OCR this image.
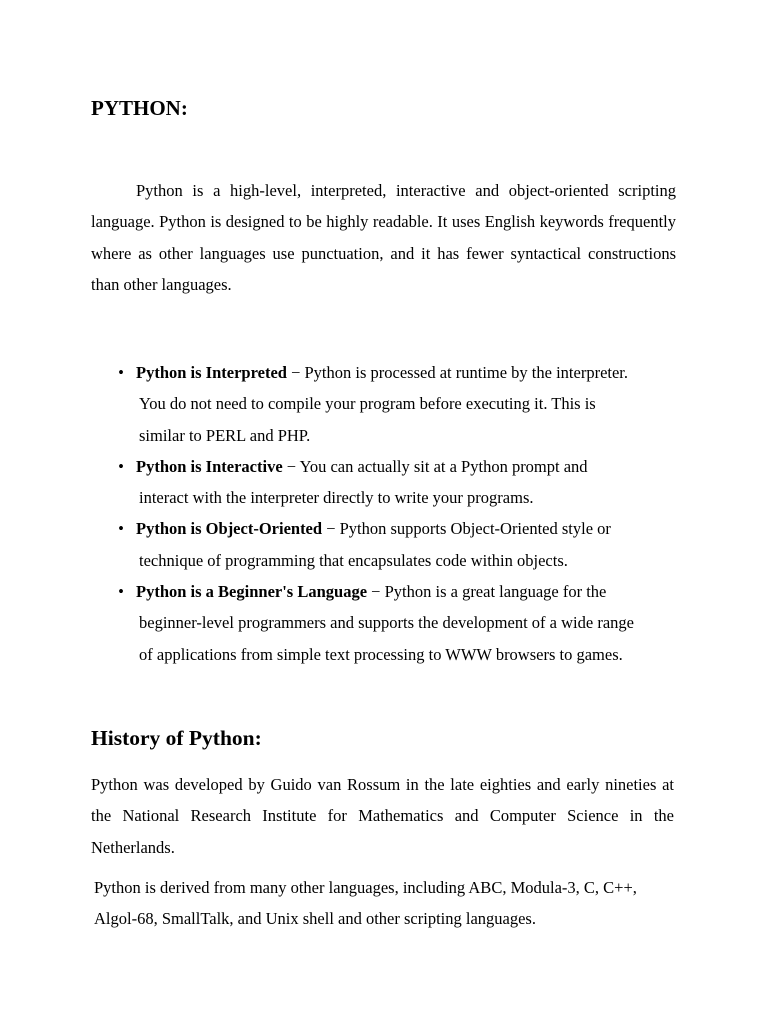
PYTHON:

Python is a high-level, interpreted, interactive and object-oriented scripting language. Python is designed to be highly readable. It uses English keywords frequently where as other languages use punctuation, and it has fewer syntactical constructions than other languages.

• Python is Interpreted − Python is processed at runtime by the interpreter.
You do not need to compile your program before executing it. This is
similar to PERL and PHP.
• Python is Interactive − You can actually sit at a Python prompt and
interact with the interpreter directly to write your programs.
• Python is Object-Oriented − Python supports Object-Oriented style or
technique of programming that encapsulates code within objects.
• Python is a Beginner's Language − Python is a great language for the
beginner-level programmers and supports the development of a wide range
of applications from simple text processing to WWW browsers to games.
History of Python:

Python was developed by Guido van Rossum in the late eighties and early nineties at the National Research Institute for Mathematics and Computer Science in the Netherlands.

Python is derived from many other languages, including ABC, Modula-3, C, C++, Algol-68, SmallTalk, and Unix shell and other scripting languages.
